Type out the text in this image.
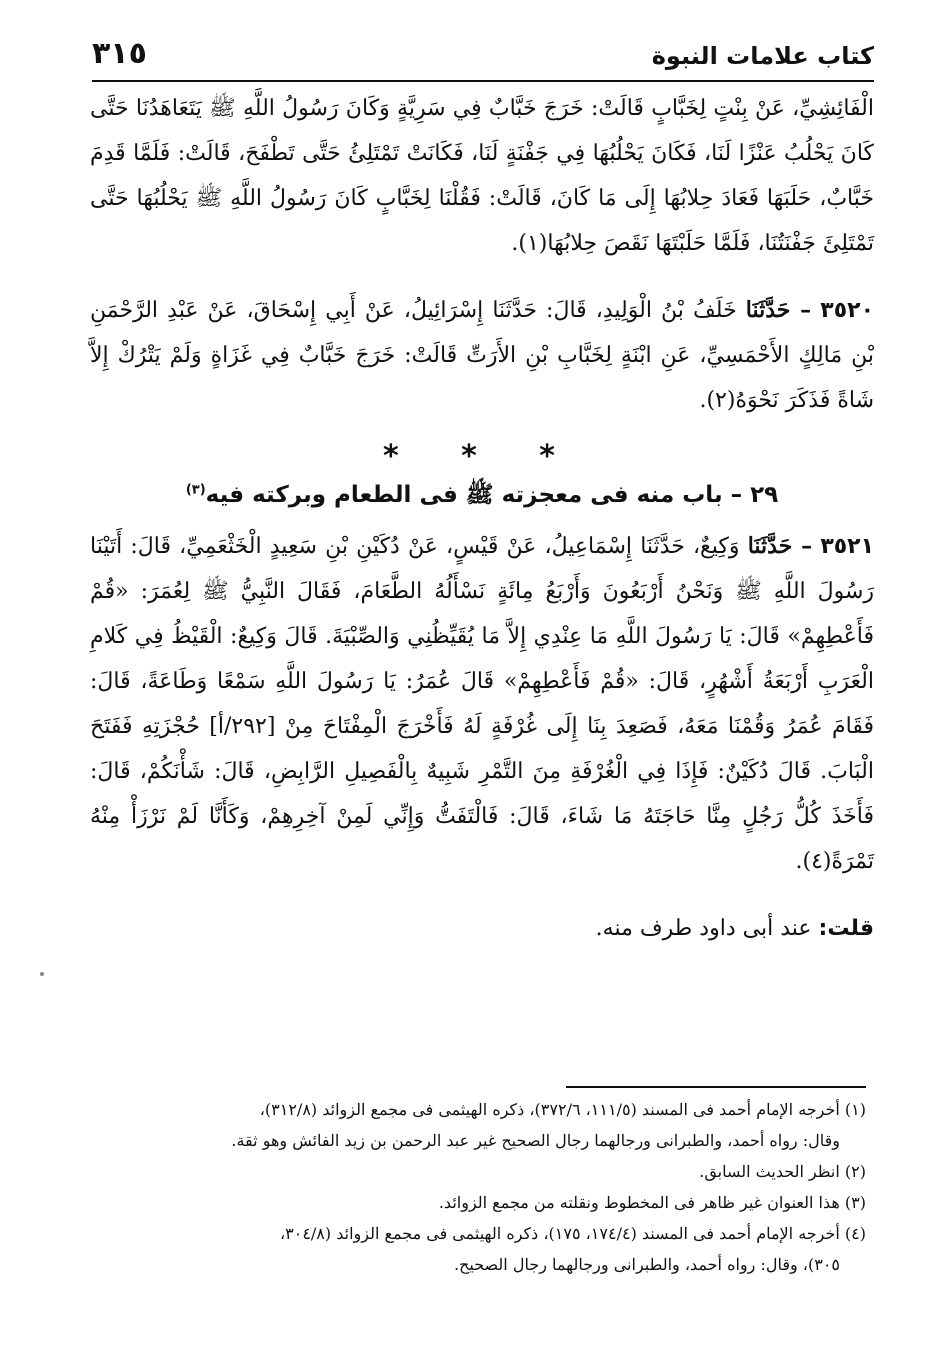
كتاب علامات النبوة
٣١٥
الْفَائِشِيِّ، عَنْ بِنْتٍ لِخَبَّابٍ قَالَتْ: خَرَجَ خَبَّابٌ فِي سَرِيَّةٍ وَكَانَ رَسُولُ اللَّهِ ﷺ يَتَعَاهَدُنَا حَتَّى كَانَ يَحْلُبُ عَنْزًا لَنَا، فَكَانَ يَحْلُبُهَا فِي جَفْنَةٍ لَنَا، فَكَانَتْ تَمْتَلِئُ حَتَّى تَطْفَحَ، قَالَتْ: فَلَمَّا قَدِمَ خَبَّابٌ، حَلَبَهَا فَعَادَ حِلابُهَا إِلَى مَا كَانَ، قَالَتْ: فَقُلْنَا لِخَبَّابٍ كَانَ رَسُولُ اللَّهِ ﷺ يَحْلُبُهَا حَتَّى تَمْتَلِئَ جَفْنَتُنَا، فَلَمَّا حَلَبْتَهَا نَقَصَ حِلابُهَا(١).
٣٥٢٠ – حَدَّثَنَا خَلَفُ بْنُ الْوَلِيدِ، قَالَ: حَدَّثَنَا إِسْرَائِيلُ، عَنْ أَبِي إِسْحَاقَ، عَنْ عَبْدِ الرَّحْمَنِ بْنِ مَالِكٍ الأَحْمَسِيِّ، عَنِ ابْنَةٍ لِخَبَّابِ بْنِ الأَرَتِّ قَالَتْ: خَرَجَ خَبَّابٌ فِي غَزَاةٍ وَلَمْ يَتْرُكْ إِلاَّ شَاةً فَذَكَرَ نَحْوَهُ(٢).
* * *
٢٩ – باب منه فى معجزته ﷺ فى الطعام وبركته فيه$^{(٣)}$
٣٥٢١ – حَدَّثَنَا وَكِيعٌ، حَدَّثَنَا إِسْمَاعِيلُ، عَنْ قَيْسٍ، عَنْ دُكَيْنِ بْنِ سَعِيدٍ الْخَثْعَمِيِّ، قَالَ: أَتَيْنَا رَسُولَ اللَّهِ ﷺ وَنَحْنُ أَرْبَعُونَ وَأَرْبَعُ مِائَةٍ نَسْأَلُهُ الطَّعَامَ، فَقَالَ النَّبِيُّ ﷺ لِعُمَرَ: «قُمْ فَأَعْطِهِمْ» قَالَ: يَا رَسُولَ اللَّهِ مَا عِنْدِي إِلاَّ مَا يُقَيِّظُنِي وَالصِّبْيَةَ. قَالَ وَكِيعٌ: الْقَيْظُ فِي كَلامِ الْعَرَبِ أَرْبَعَةُ أَشْهُرٍ، قَالَ: «قُمْ فَأَعْطِهِمْ» قَالَ عُمَرُ: يَا رَسُولَ اللَّهِ سَمْعًا وَطَاعَةً، قَالَ: فَقَامَ عُمَرُ وَقُمْنَا مَعَهُ، فَصَعِدَ بِنَا إِلَى غُرْفَةٍ لَهُ فَأَخْرَجَ الْمِفْتَاحَ مِنْ [٢٩٢/أ] حُجْزَتِهِ فَفَتَحَ الْبَابَ. قَالَ دُكَيْنٌ: فَإِذَا فِي الْغُرْفَةِ مِنَ التَّمْرِ شَبِيهٌ بِالْفَصِيلِ الرَّابِضِ، قَالَ: شَأْنَكُمْ، قَالَ: فَأَخَذَ كُلُّ رَجُلٍ مِنَّا حَاجَتَهُ مَا شَاءَ، قَالَ: فَالْتَفَتُّ وَإِنِّي لَمِنْ آخِرِهِمْ، وَكَأَنَّا لَمْ نَرْزَأْ مِنْهُ تَمْرَةً(٤).
قلت: عند أبى داود طرف منه.

(١) أخرجه الإمام أحمد فى المسند (١١١/٥، ٣٧٢/٦)، ذكره الهيثمى فى مجمع الزوائد (٣١٢/٨)،

وقال: رواه أحمد، والطبرانى ورجالهما رجال الصحيح غير عبد الرحمن بن زيد الفائش وهو ثقة.

(٢) انظر الحديث السابق.

(٣) هذا العنوان غير ظاهر فى المخطوط ونقلته من مجمع الزوائد.

(٤) أخرجه الإمام أحمد فى المسند (١٧٤/٤، ١٧٥)، ذكره الهيثمى فى مجمع الزوائد (٣٠٤/٨،

٣٠٥)، وقال: رواه أحمد، والطبرانى ورجالهما رجال الصحيح.
